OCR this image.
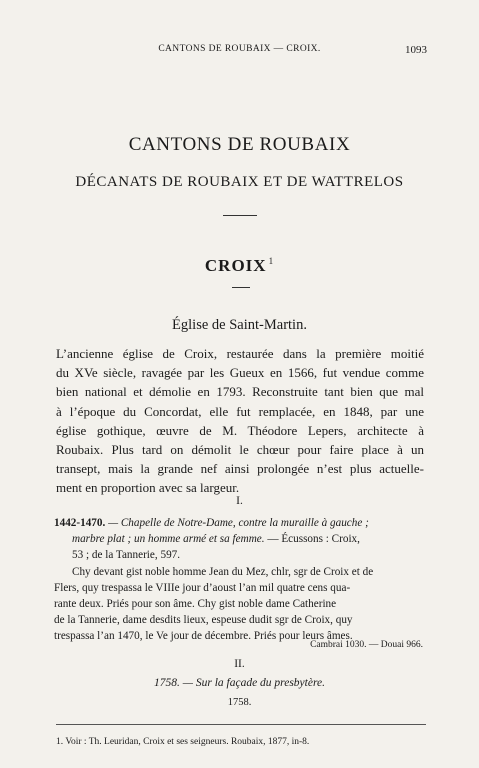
CANTONS DE ROUBAIX — CROIX.	1093
CANTONS DE ROUBAIX
DÉCANATS DE ROUBAIX ET DE WATTRELOS
CROIX $^1$
Église de Saint-Martin.
L’ancienne église de Croix, restaurée dans la première moitié
du XVe siècle, ravagée par les Gueux en 1566, fut vendue comme
bien national et démolie en 1793. Reconstruite tant bien que mal
à l’époque du Concordat, elle fut remplacée, en 1848, par une
église gothique, œuvre de M. Théodore Lepers, architecte à
Roubaix. Plus tard on démolit le chœur pour faire place à un
transept, mais la grande nef ainsi prolongée n’est plus actuelle-
ment en proportion avec sa largeur.
I.
1442-1470. — Chapelle de Notre-Dame, contre la muraille à gauche ;
marbre plat ; un homme armé et sa femme. — Écussons : Croix,
53 ; de la Tannerie, 597.
Chy devant gist noble homme Jean du Mez, chlr, sgr de Croix et de
Flers, quy trespassa le VIIIe jour d’aoust l’an mil quatre cens qua-
rante deux. Priés pour son âme. Chy gist noble dame Catherine
de la Tannerie, dame desdits lieux, espeuse dudit sgr de Croix, quy
trespassa l’an 1470, le Ve jour de décembre. Priés pour leurs âmes.
Cambrai 1030. — Douai 966.
II.
1758. — Sur la façade du presbytère.
1758.
1. Voir : Th. Leuridan, Croix et ses seigneurs. Roubaix, 1877, in-8.
